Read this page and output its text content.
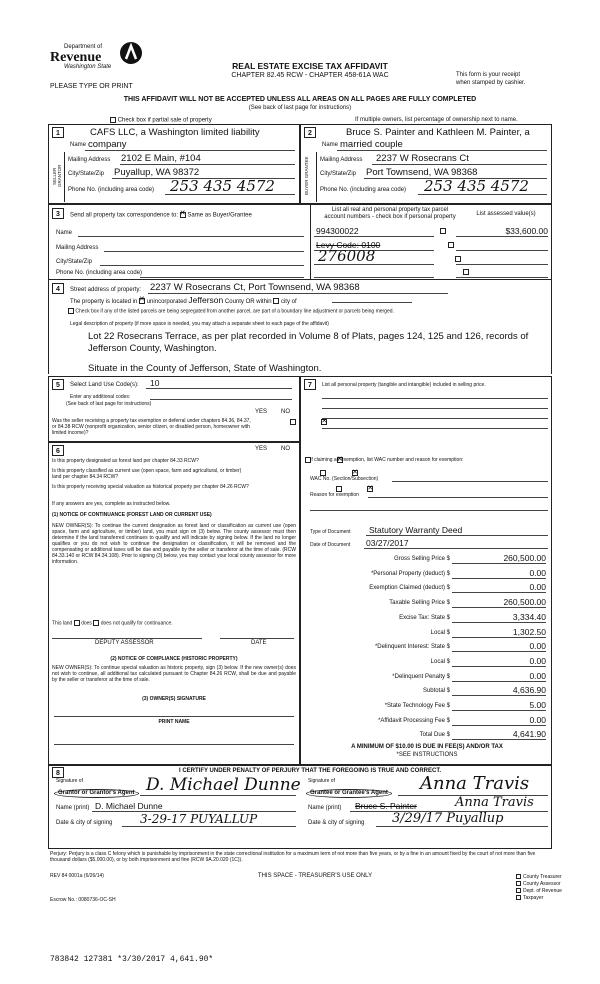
Department of
Revenue
Washington State
PLEASE TYPE OR PRINT
REAL ESTATE EXCISE TAX AFFIDAVIT
CHAPTER 82.45 RCW - CHAPTER 458-61A WAC	This form is your receipt
when stamped by cashier.
THIS AFFIDAVIT WILL NOT BE ACCEPTED UNLESS ALL AREAS ON ALL PAGES ARE FULLY COMPLETED
(See back of last page for instructions)
Check box if partial sale of property	If multiple owners, list percentage of ownership next to name.
1	2
CAFS LLC, a Washington limited liability
Name company
SELLER GRANTOR
Mailing Address 2102 E Main, #104
City/State/Zip Puyallup, WA 98372
Phone No. (including area code) 253 435 4572
Bruce S. Painter and Kathleen M. Painter, a
Name married couple
BUYER GRANTEE Mailing Address 2237 W Rosecrans Ct
City/State/Zip Port Townsend, WA 98368
Phone No. (including area code) 253 435 4572
3	Send all property tax correspondence to: ✕ Same as Buyer/Grantee
Name
Mailing Address
City/State/Zip
Phone No. (including area code)
List all real and personal property tax parcel
account numbers - check box if personal property	List assessed value(s)
994300022
	$33,600.00
Levy Code: 0100

276008

4	Street address of property: 2237 W Rosecrans Ct, Port Townsend, WA 98368
The property is located in ✕ unincorporated Jefferson County OR within city of
Check box if any of the listed parcels are being segregated from another parcel, are part of a boundary line adjustment or parcels being merged.
Legal description of property (if more space is needed, you may attach a separate sheet to each page of the affidavit)
Lot 22 Rosecrans Terrace, as per plat recorded in Volume 8 of Plats, pages 124, 125 and 126, records of
Jefferson County, Washington.
Situate in the County of Jefferson, State of Washington.
5	Select Land Use Code(s): 10
Enter any additional codes:
(See back of last page for instructions)
YES NO
Was the seller receiving a property tax exemption or deferral under chapters 84.36, 84.37, or 84.38 RCW (nonprofit organization, senior citizen, or disabled person, homeowner with limited income)?
✕
6	YES NO
Is this property designated as forest land per chapter 84.33 RCW?
✕
Is this property classified as current use (open space, farm and agricultural, or timber) land per chapter 84.34 RCW?
✕
Is this property receiving special valuation as historical property per chapter 84.26 RCW?
✕
If any answers are yes, complete as instructed below.
(1) NOTICE OF CONTINUANCE (FOREST LAND OR CURRENT USE)
NEW OWNER(S): To continue the current designation as forest land or classification as current use (open space, farm and agriculture, or timber) land, you must sign on (3) below. The county assessor must then determine if the land transferred continues to qualify and will indicate by signing below. If the land no longer qualifies or you do not wish to continue the designation or classification, it will be removed and the compensating or additional taxes will be due and payable by the seller or transferor at the time of sale. (RCW 84.33.140 or RCW 84.34.108). Prior to signing (3) below, you may contact your local county assessor for more information.
This land does does not qualify for continuance.
DEPUTY ASSESSOR	DATE
(2) NOTICE OF COMPLIANCE (HISTORIC PROPERTY)
NEW OWNER(S): To continue special valuation as historic property, sign (3) below. If the new owner(s) does not wish to continue, all additional tax calculated pursuant to Chapter 84.26 RCW, shall be due and payable by the seller or transferor at the time of sale.
(3) OWNER(S) SIGNATURE
PRINT NAME
7	List all personal property (tangible and intangible) included in selling price.
If claiming an exemption, list WAC number and reason for exemption:
WAC No. (Section/Subsection)
Reason for exemption
Type of Document Statutory Warranty Deed
Date of Document 03/27/2017
Gross Selling Price $	260,500.00
*Personal Property (deduct) $	0.00
Exemption Claimed (deduct) $	0.00
Taxable Selling Price $	260,500.00
Excise Tax: State $	3,334.40
Local $	1,302.50
*Delinquent Interest: State $	0.00
Local $	0.00
*Delinquent Penalty $	0.00
Subtotal $	4,636.90
*State Technology Fee $	5.00
*Affidavit Processing Fee $	0.00
Total Due $	4,641.90
A MINIMUM OF $10.00 IS DUE IN FEE(S) AND/OR TAX
*SEE INSTRUCTIONS
8	I CERTIFY UNDER PENALTY OF PERJURY THAT THE FOREGOING IS TRUE AND CORRECT.
Signature of
Grantor or Grantor's Agent D. Michael Dunne
Name (print) D. Michael Dunne
Date & city of signing 3-29-17 PUYALLUP
Signature of
Grantee or Grantee's Agent Anna Travis
Name (print) Bruce S. Painter	Anna Travis
Date & city of signing 3/29/17 Puyallup
Perjury: Perjury is a class C felony which is punishable by imprisonment in the state correctional institution for a maximum term of not more than five years, or by a fine in an amount fixed by the court of not more than five thousand dollars ($5,000.00), or by both imprisonment and fine (RCW 9A.20.020 (1C)).
REV 84 0001a (6/26/14)	THIS SPACE - TREASURER'S USE ONLY
Escrow No.: 0080736-OC-SH
County Treasurer
County Assessor
Dept. of Revenue
Taxpayer
783842 127381 *3/30/2017 4,641.90*
